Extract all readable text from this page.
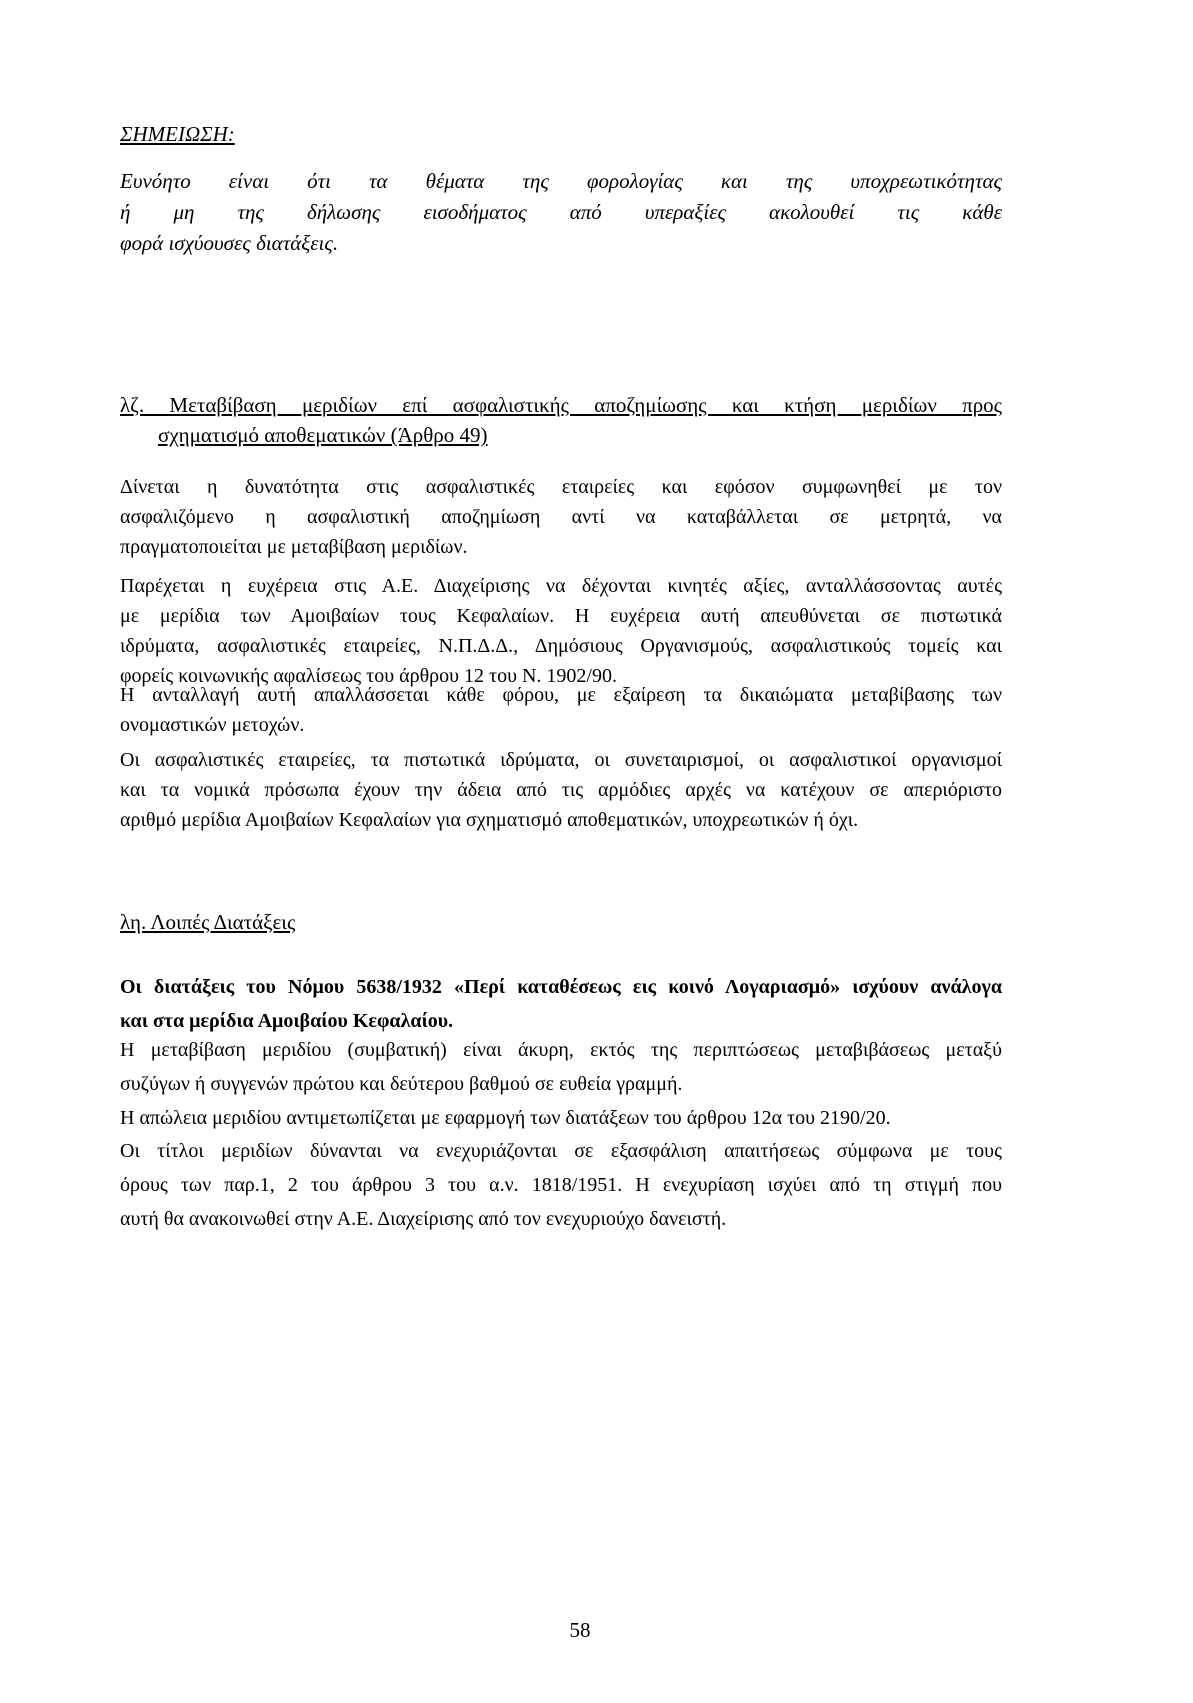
ΣΗΜΕΙΩΣΗ:
Ευνόητο είναι ότι τα θέματα της φορολογίας και της υποχρεωτικότητας
ή μη της δήλωσης εισοδήματος από υπεραξίες ακολουθεί τις κάθε
φορά ισχύουσες διατάξεις.
λζ. Μεταβίβαση μεριδίων επί ασφαλιστικής αποζημίωσης και κτήση μεριδίων προς
σχηματισμό αποθεματικών (Άρθρο 49)
Δίνεται η δυνατότητα στις ασφαλιστικές εταιρείες και εφόσον συμφωνηθεί με τον
ασφαλιζόμενο η ασφαλιστική αποζημίωση αντί να καταβάλλεται σε μετρητά, να
πραγματοποιείται με μεταβίβαση μεριδίων.
Παρέχεται η ευχέρεια στις Α.Ε. Διαχείρισης να δέχονται κινητές αξίες, ανταλλάσσοντας αυτές
με μερίδια των Αμοιβαίων τους Κεφαλαίων. Η ευχέρεια αυτή απευθύνεται σε πιστωτικά
ιδρύματα, ασφαλιστικές εταιρείες, Ν.Π.Δ.Δ., Δημόσιους Οργανισμούς, ασφαλιστικούς τομείς και
φορείς κοινωνικής αφαλίσεως του άρθρου 12 του Ν. 1902/90.
Η ανταλλαγή αυτή απαλλάσσεται κάθε φόρου, με εξαίρεση τα δικαιώματα μεταβίβασης των
ονομαστικών μετοχών.
Οι ασφαλιστικές εταιρείες, τα πιστωτικά ιδρύματα, οι συνεταιρισμοί, οι ασφαλιστικοί οργανισμοί
και τα νομικά πρόσωπα έχουν την άδεια από τις αρμόδιες αρχές να κατέχουν σε απεριόριστο
αριθμό μερίδια Αμοιβαίων Κεφαλαίων για σχηματισμό αποθεματικών, υποχρεωτικών ή όχι.
λη. Λοιπές Διατάξεις
Οι διατάξεις του Νόμου 5638/1932 «Περί καταθέσεως εις κοινό Λογαριασμό» ισχύουν ανάλογα
και στα μερίδια Αμοιβαίου Κεφαλαίου.
Η μεταβίβαση μεριδίου (συμβατική) είναι άκυρη, εκτός της περιπτώσεως μεταβιβάσεως μεταξύ
συζύγων ή συγγενών πρώτου και δεύτερου βαθμού σε ευθεία γραμμή.
Η απώλεια μεριδίου αντιμετωπίζεται με εφαρμογή των διατάξεων του άρθρου 12α του 2190/20.
Οι τίτλοι μεριδίων δύνανται να ενεχυριάζονται σε εξασφάλιση απαιτήσεως σύμφωνα με τους
όρους των παρ.1, 2 του άρθρου 3 του α.ν. 1818/1951. Η ενεχυρίαση ισχύει από τη στιγμή που
αυτή θα ανακοινωθεί στην Α.Ε. Διαχείρισης από τον ενεχυριούχο δανειστή.
58
